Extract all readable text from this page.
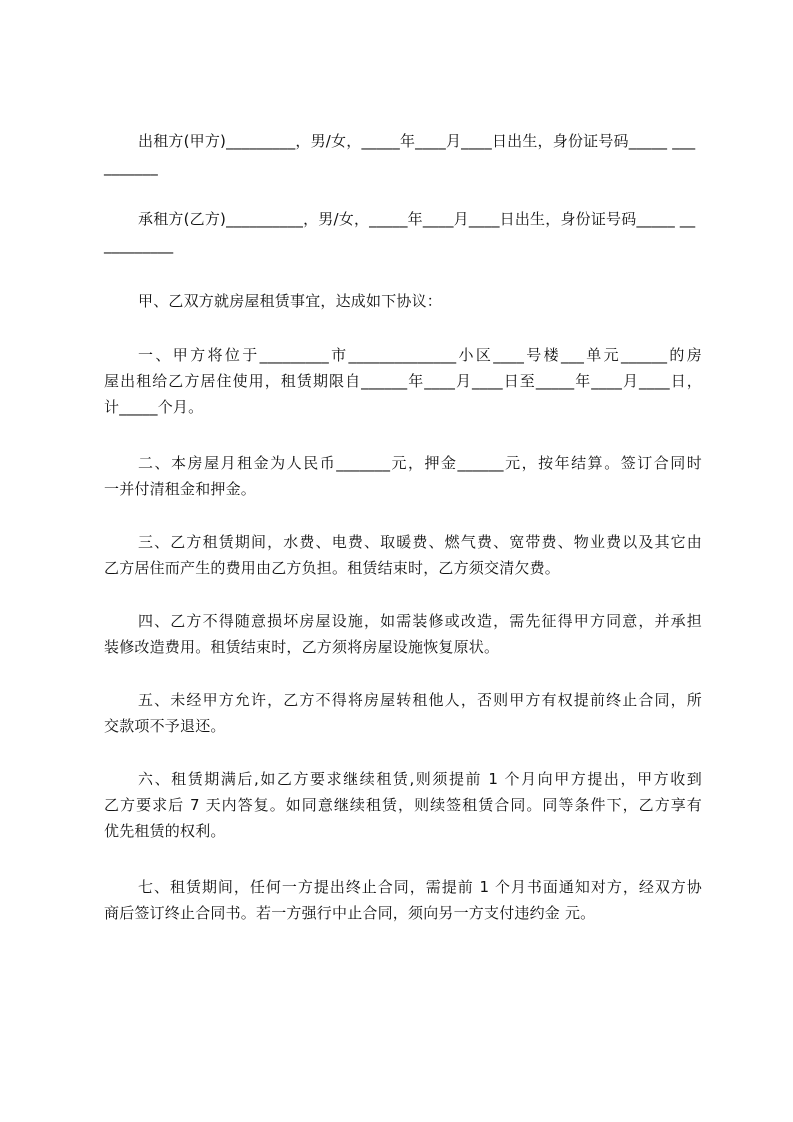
出租方(甲方)_________，男/女，_____年____月____日出生，身份证号码_____ __________

承租方(乙方)__________，男/女，_____年____月____日出生，身份证号码_____ ___________

甲、乙双方就房屋租赁事宜，达成如下协议：

一、甲方将位于_________市______________小区____号楼___单元______的房
屋出租给乙方居住使用，租赁期限自______年____月____日至_____年____月____日，
计_____个月。
二、本房屋月租金为人民币_______元，押金______元，按年结算。签订合同时
一并付清租金和押金。
三、乙方租赁期间，水费、电费、取暖费、燃气费、宽带费、物业费以及其它由
乙方居住而产生的费用由乙方负担。租赁结束时，乙方须交清欠费。
四、乙方不得随意损坏房屋设施，如需装修或改造，需先征得甲方同意，并承担
装修改造费用。租赁结束时，乙方须将房屋设施恢复原状。
五、未经甲方允许，乙方不得将房屋转租他人，否则甲方有权提前终止合同，所
交款项不予退还。
六、租赁期满后,如乙方要求继续租赁,则须提前 1 个月向甲方提出，甲方收到
乙方要求后 7 天内答复。如同意继续租赁，则续签租赁合同。同等条件下，乙方享有
优先租赁的权利。
七、租赁期间，任何一方提出终止合同，需提前 1 个月书面通知对方，经双方协
商后签订终止合同书。若一方强行中止合同，须向另一方支付违约金 元。
